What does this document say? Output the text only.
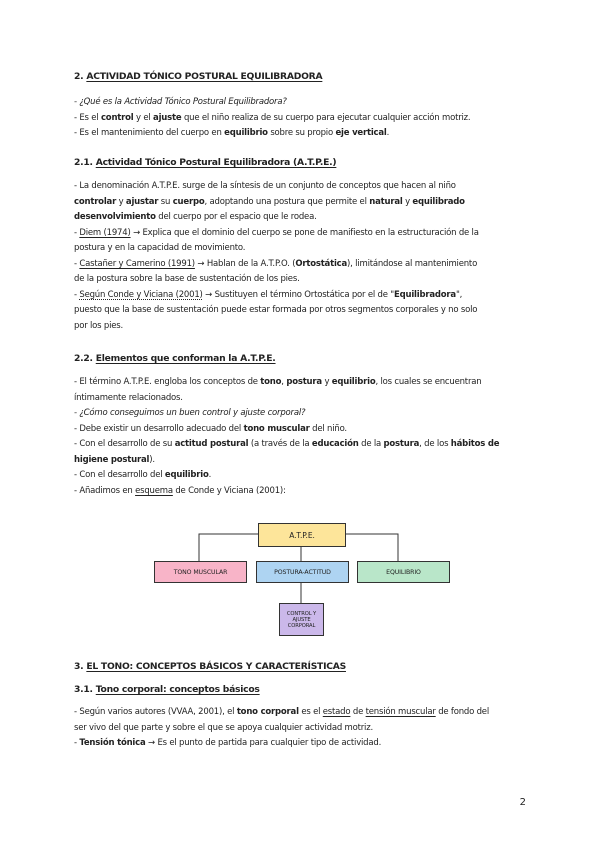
2. ACTIVIDAD TÓNICO POSTURAL EQUILIBRADORA
- ¿Qué es la Actividad Tónico Postural Equilibradora?
- Es el control y el ajuste que el niño realiza de su cuerpo para ejecutar cualquier acción motriz.
- Es el mantenimiento del cuerpo en equilibrio sobre su propio eje vertical.
2.1. Actividad Tónico Postural Equilibradora (A.T.P.E.)
- La denominación A.T.P.E. surge de la síntesis de un conjunto de conceptos que hacen al niño
controlar y ajustar su cuerpo, adoptando una postura que permite el natural y equilibrado
desenvolvimiento del cuerpo por el espacio que le rodea.
- Diem (1974) → Explica que el dominio del cuerpo se pone de manifiesto en la estructuración de la
postura y en la capacidad de movimiento.
- Castañer y Camerino (1991) → Hablan de la A.T.P.O. (Ortostática), limitándose al mantenimiento
de la postura sobre la base de sustentación de los pies.
- Según Conde y Viciana (2001) → Sustituyen el término Ortostática por el de "Equilibradora",
puesto que la base de sustentación puede estar formada por otros segmentos corporales y no solo
por los pies.
2.2. Elementos que conforman la A.T.P.E.
- El término A.T.P.E. engloba los conceptos de tono, postura y equilibrio, los cuales se encuentran
íntimamente relacionados.
- ¿Cómo conseguimos un buen control y ajuste corporal?
- Debe existir un desarrollo adecuado del tono muscular del niño.
- Con el desarrollo de su actitud postural (a través de la educación de la postura, de los hábitos de
higiene postural).
- Con el desarrollo del equilibrio.
- Añadimos en esquema de Conde y Viciana (2001):
A.T.P.E.
TONO MUSCULAR	POSTURA-ACTITUD	EQUILIBRIO
CONTROL Y AJUSTE CORPORAL
3. EL TONO: CONCEPTOS BÁSICOS Y CARACTERÍSTICAS
3.1. Tono corporal: conceptos básicos
- Según varios autores (VVAA, 2001), el tono corporal es el estado de tensión muscular de fondo del
ser vivo del que parte y sobre el que se apoya cualquier actividad motriz.
- Tensión tónica → Es el punto de partida para cualquier tipo de actividad.
2
